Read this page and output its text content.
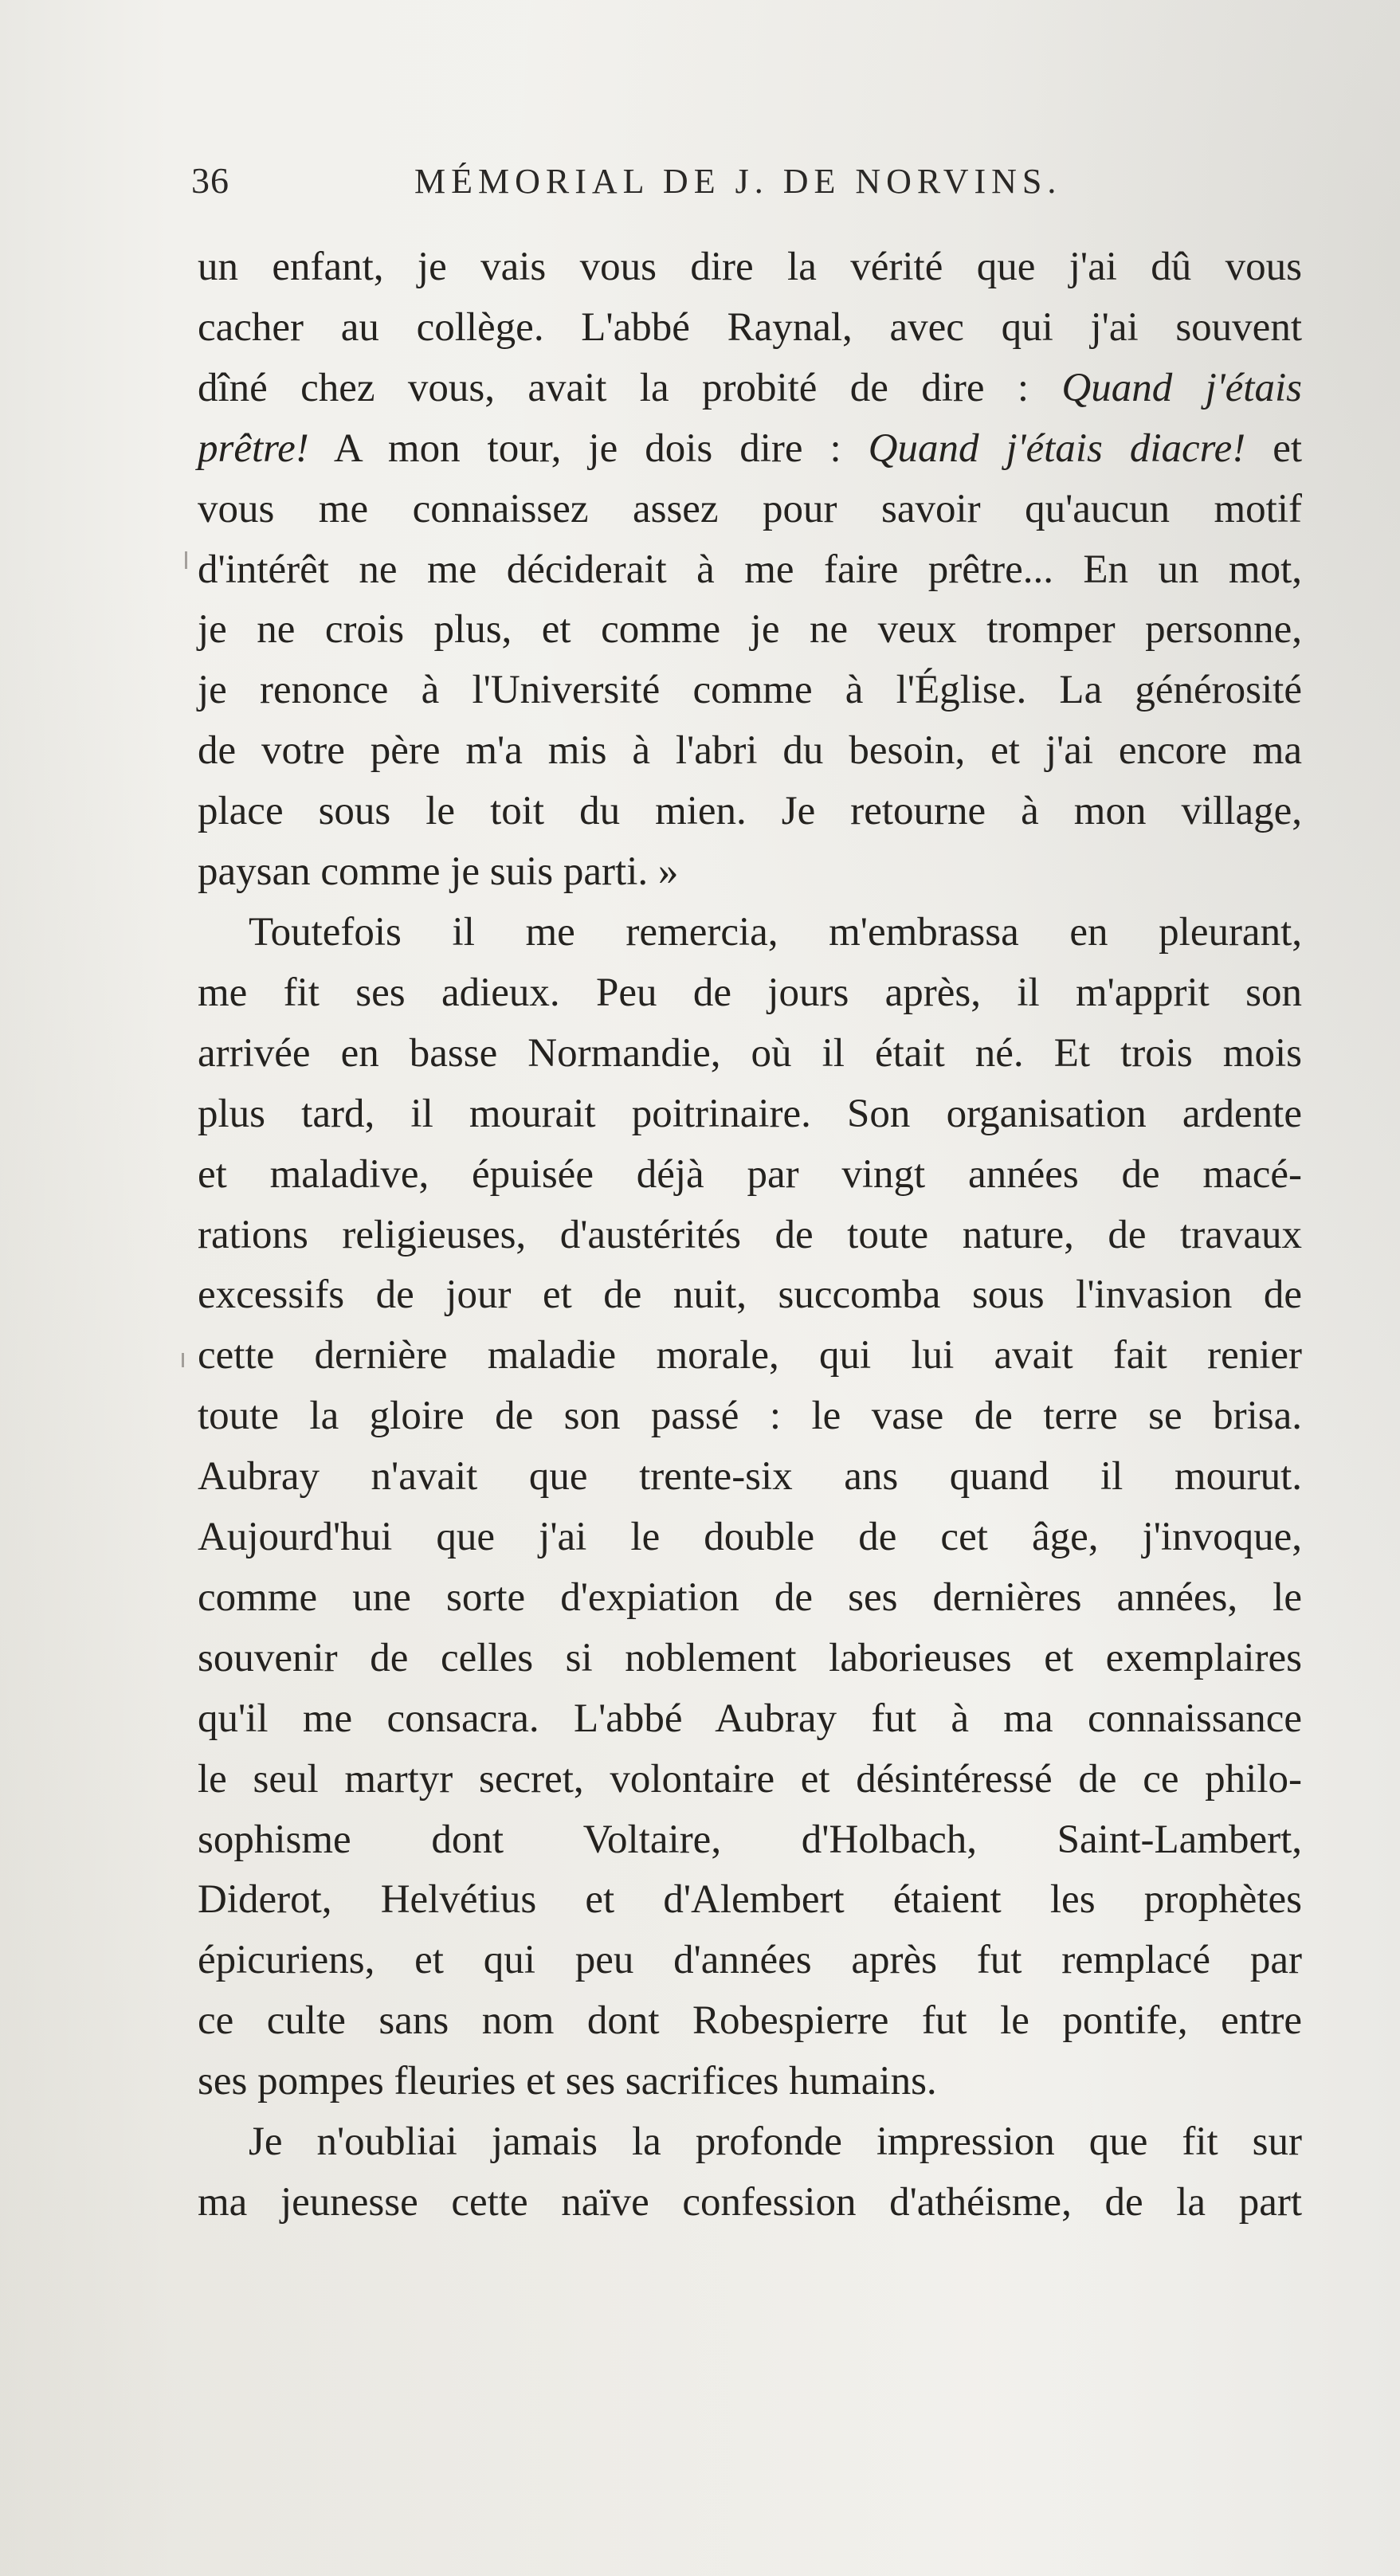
36	MÉMORIAL DE J. DE NORVINS.

un enfant, je vais vous dire la vérité que j'ai dû vous
cacher au collège. L'abbé Raynal, avec qui j'ai souvent
dîné chez vous, avait la probité de dire : Quand j'étais
prêtre! A mon tour, je dois dire : Quand j'étais diacre! et
vous me connaissez assez pour savoir qu'aucun motif
d'intérêt ne me déciderait à me faire prêtre... En un mot,
je ne crois plus, et comme je ne veux tromper personne,
je renonce à l'Université comme à l'Église. La générosité
de votre père m'a mis à l'abri du besoin, et j'ai encore ma
place sous le toit du mien. Je retourne à mon village,
paysan comme je suis parti. »

Toutefois il me remercia, m'embrassa en pleurant,
me fit ses adieux. Peu de jours après, il m'apprit son
arrivée en basse Normandie, où il était né. Et trois mois
plus tard, il mourait poitrinaire. Son organisation ardente
et maladive, épuisée déjà par vingt années de macé-
rations religieuses, d'austérités de toute nature, de travaux
excessifs de jour et de nuit, succomba sous l'invasion de
cette dernière maladie morale, qui lui avait fait renier
toute la gloire de son passé : le vase de terre se brisa.
Aubray n'avait que trente-six ans quand il mourut.
Aujourd'hui que j'ai le double de cet âge, j'invoque,
comme une sorte d'expiation de ses dernières années, le
souvenir de celles si noblement laborieuses et exemplaires
qu'il me consacra. L'abbé Aubray fut à ma connaissance
le seul martyr secret, volontaire et désintéressé de ce philo-
sophisme dont Voltaire, d'Holbach, Saint-Lambert,
Diderot, Helvétius et d'Alembert étaient les prophètes
épicuriens, et qui peu d'années après fut remplacé par
ce culte sans nom dont Robespierre fut le pontife, entre
ses pompes fleuries et ses sacrifices humains.

Je n'oubliai jamais la profonde impression que fit sur
ma jeunesse cette naïve confession d'athéisme, de la part
